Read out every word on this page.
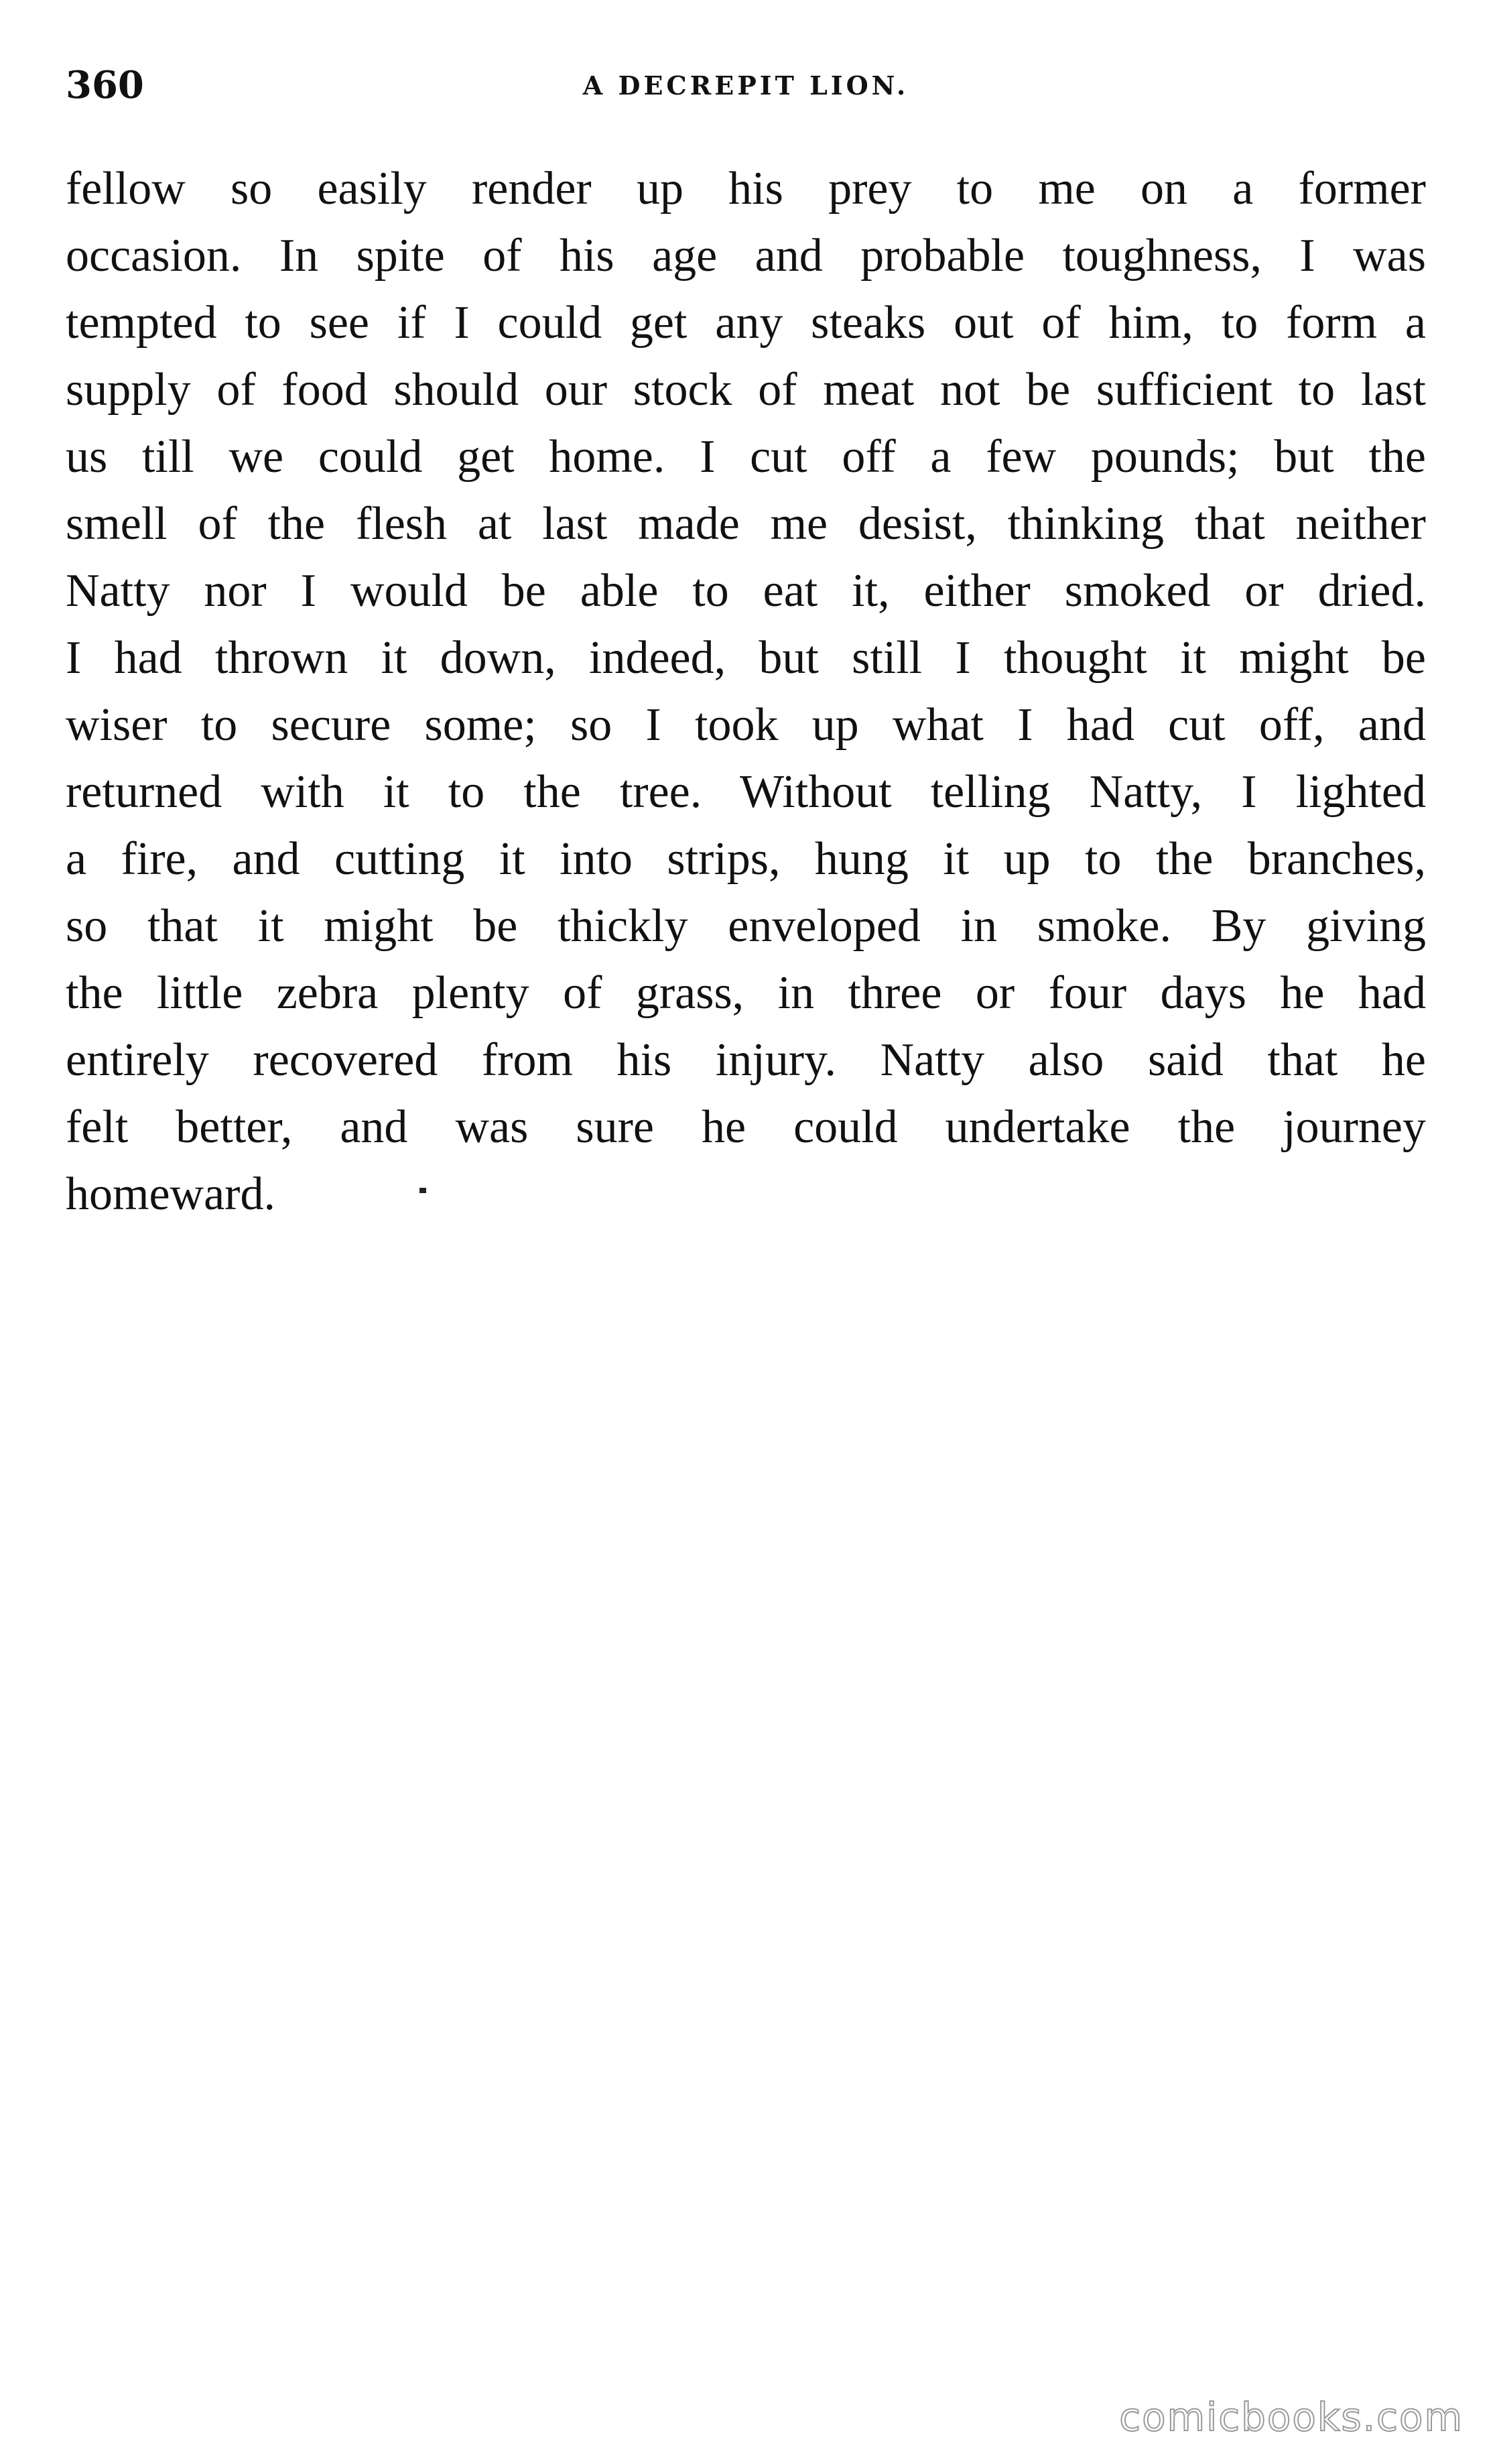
360	A DECREPIT LION.
fellow so easily render up his prey to me on a former
occasion. In spite of his age and probable toughness, I was
tempted to see if I could get any steaks out of him, to form a
supply of food should our stock of meat not be sufficient to last
us till we could get home. I cut off a few pounds; but the
smell of the flesh at last made me desist, thinking that neither
Natty nor I would be able to eat it, either smoked or dried.
I had thrown it down, indeed, but still I thought it might be
wiser to secure some; so I took up what I had cut off, and
returned with it to the tree. Without telling Natty, I lighted
a fire, and cutting it into strips, hung it up to the branches,
so that it might be thickly enveloped in smoke. By giving
the little zebra plenty of grass, in three or four days he had
entirely recovered from his injury. Natty also said that he
felt better, and was sure he could undertake the journey
homeward.
comicbooks.com
